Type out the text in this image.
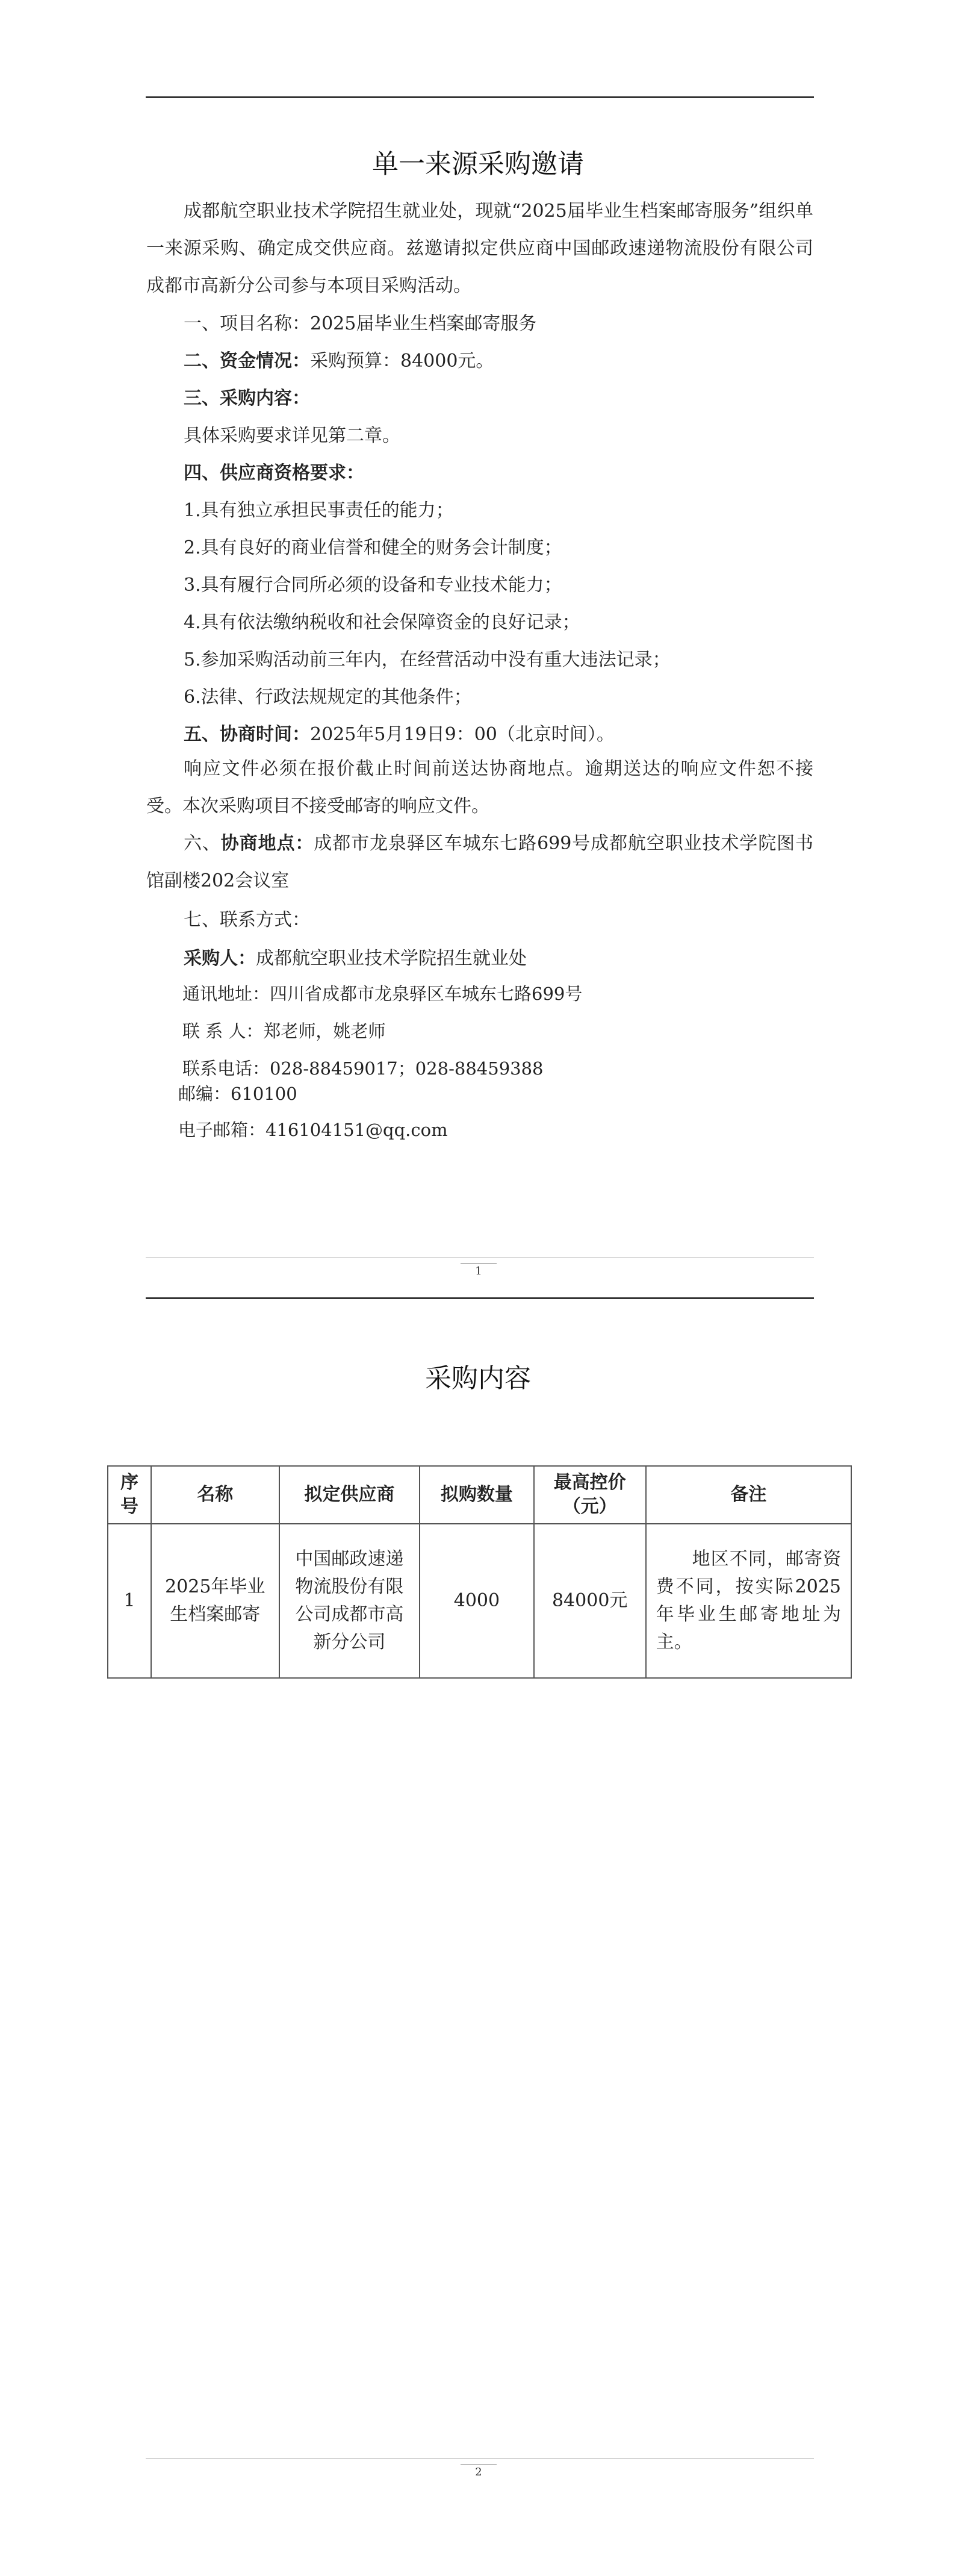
单一来源采购邀请
成都航空职业技术学院招生就业处，现就“2025届毕业生档案邮寄服务”组织单一来源采购、确定成交供应商。兹邀请拟定供应商中国邮政速递物流股份有限公司成都市高新分公司参与本项目采购活动。
一、项目名称：2025届毕业生档案邮寄服务
二、资金情况：采购预算：84000元。
三、采购内容：
具体采购要求详见第二章。
四、供应商资格要求：
1.具有独立承担民事责任的能力；
2.具有良好的商业信誉和健全的财务会计制度；
3.具有履行合同所必须的设备和专业技术能力；
4.具有依法缴纳税收和社会保障资金的良好记录；
5.参加采购活动前三年内，在经营活动中没有重大违法记录；
6.法律、行政法规规定的其他条件；
五、协商时间：2025年5月19日9：00（北京时间）。
响应文件必须在报价截止时间前送达协商地点。逾期送达的响应文件恕不接受。本次采购项目不接受邮寄的响应文件。
六、协商地点：成都市龙泉驿区车城东七路699号成都航空职业技术学院图书馆副楼202会议室
七、联系方式：
采购人：成都航空职业技术学院招生就业处
通讯地址：四川省成都市龙泉驿区车城东七路699号
联 系 人：郑老师，姚老师
联系电话：028-88459017；028-88459388
邮编：610100
电子邮箱：416104151@qq.com
1
采购内容
序号	名称	拟定供应商	拟购数量	最高控价（元）	备注
1	2025年毕业生档案邮寄	中国邮政速递物流股份有限公司成都市高新分公司	4000	84000元	地区不同，邮寄资费不同，按实际2025年毕业生邮寄地址为主。
2
